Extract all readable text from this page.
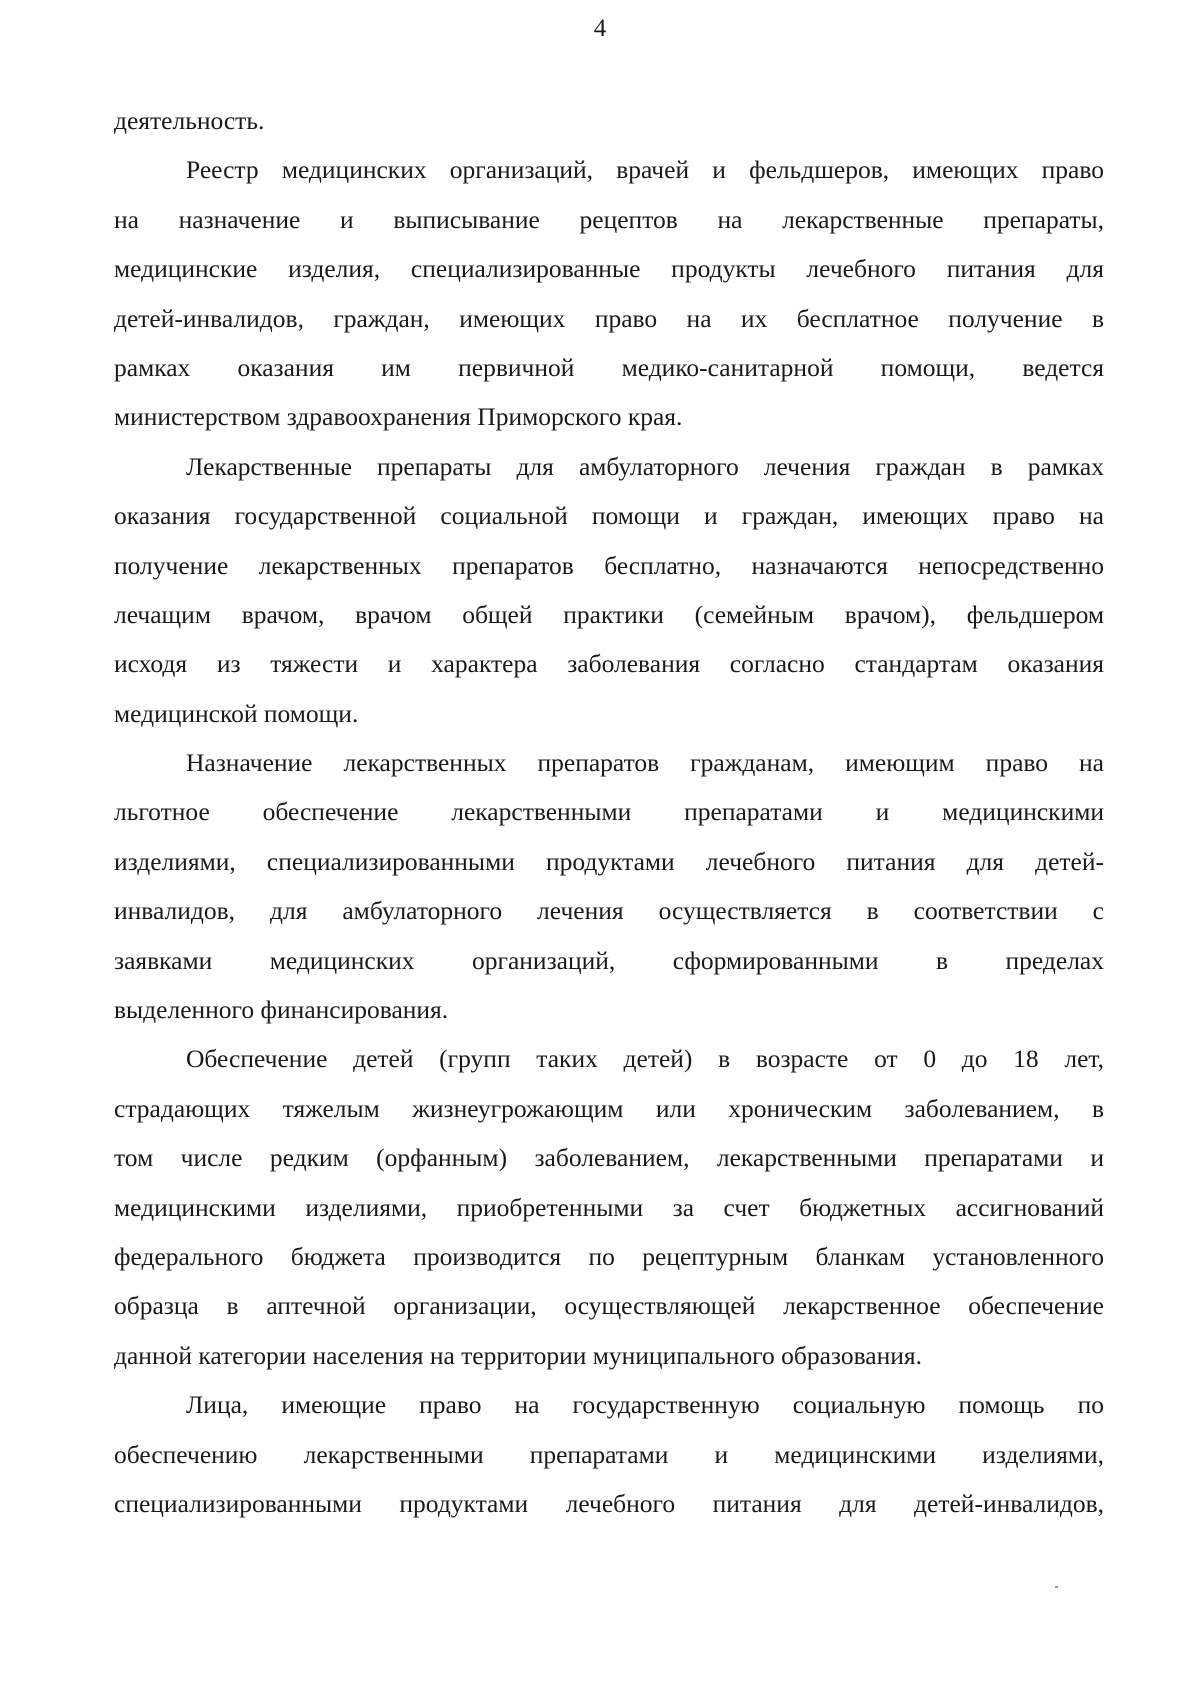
4
деятельность.
Реестр медицинских организаций, врачей и фельдшеров, имеющих право
на назначение и выписывание рецептов на лекарственные препараты,
медицинские изделия, специализированные продукты лечебного питания для
детей-инвалидов, граждан, имеющих право на их бесплатное получение в
рамках оказания им первичной медико-санитарной помощи, ведется
министерством здравоохранения Приморского края.
Лекарственные препараты для амбулаторного лечения граждан в рамках
оказания государственной социальной помощи и граждан, имеющих право на
получение лекарственных препаратов бесплатно, назначаются непосредственно
лечащим врачом, врачом общей практики (семейным врачом), фельдшером
исходя из тяжести и характера заболевания согласно стандартам оказания
медицинской помощи.
Назначение лекарственных препаратов гражданам, имеющим право на
льготное обеспечение лекарственными препаратами и медицинскими
изделиями, специализированными продуктами лечебного питания для детей-
инвалидов, для амбулаторного лечения осуществляется в соответствии с
заявками медицинских организаций, сформированными в пределах
выделенного финансирования.
Обеспечение детей (групп таких детей) в возрасте от 0 до 18 лет,
страдающих тяжелым жизнеугрожающим или хроническим заболеванием, в
том числе редким (орфанным) заболеванием, лекарственными препаратами и
медицинскими изделиями, приобретенными за счет бюджетных ассигнований
федерального бюджета производится по рецептурным бланкам установленного
образца в аптечной организации, осуществляющей лекарственное обеспечение
данной категории населения на территории муниципального образования.
Лица, имеющие право на государственную социальную помощь по
обеспечению лекарственными препаратами и медицинскими изделиями,
специализированными продуктами лечебного питания для детей-инвалидов,
